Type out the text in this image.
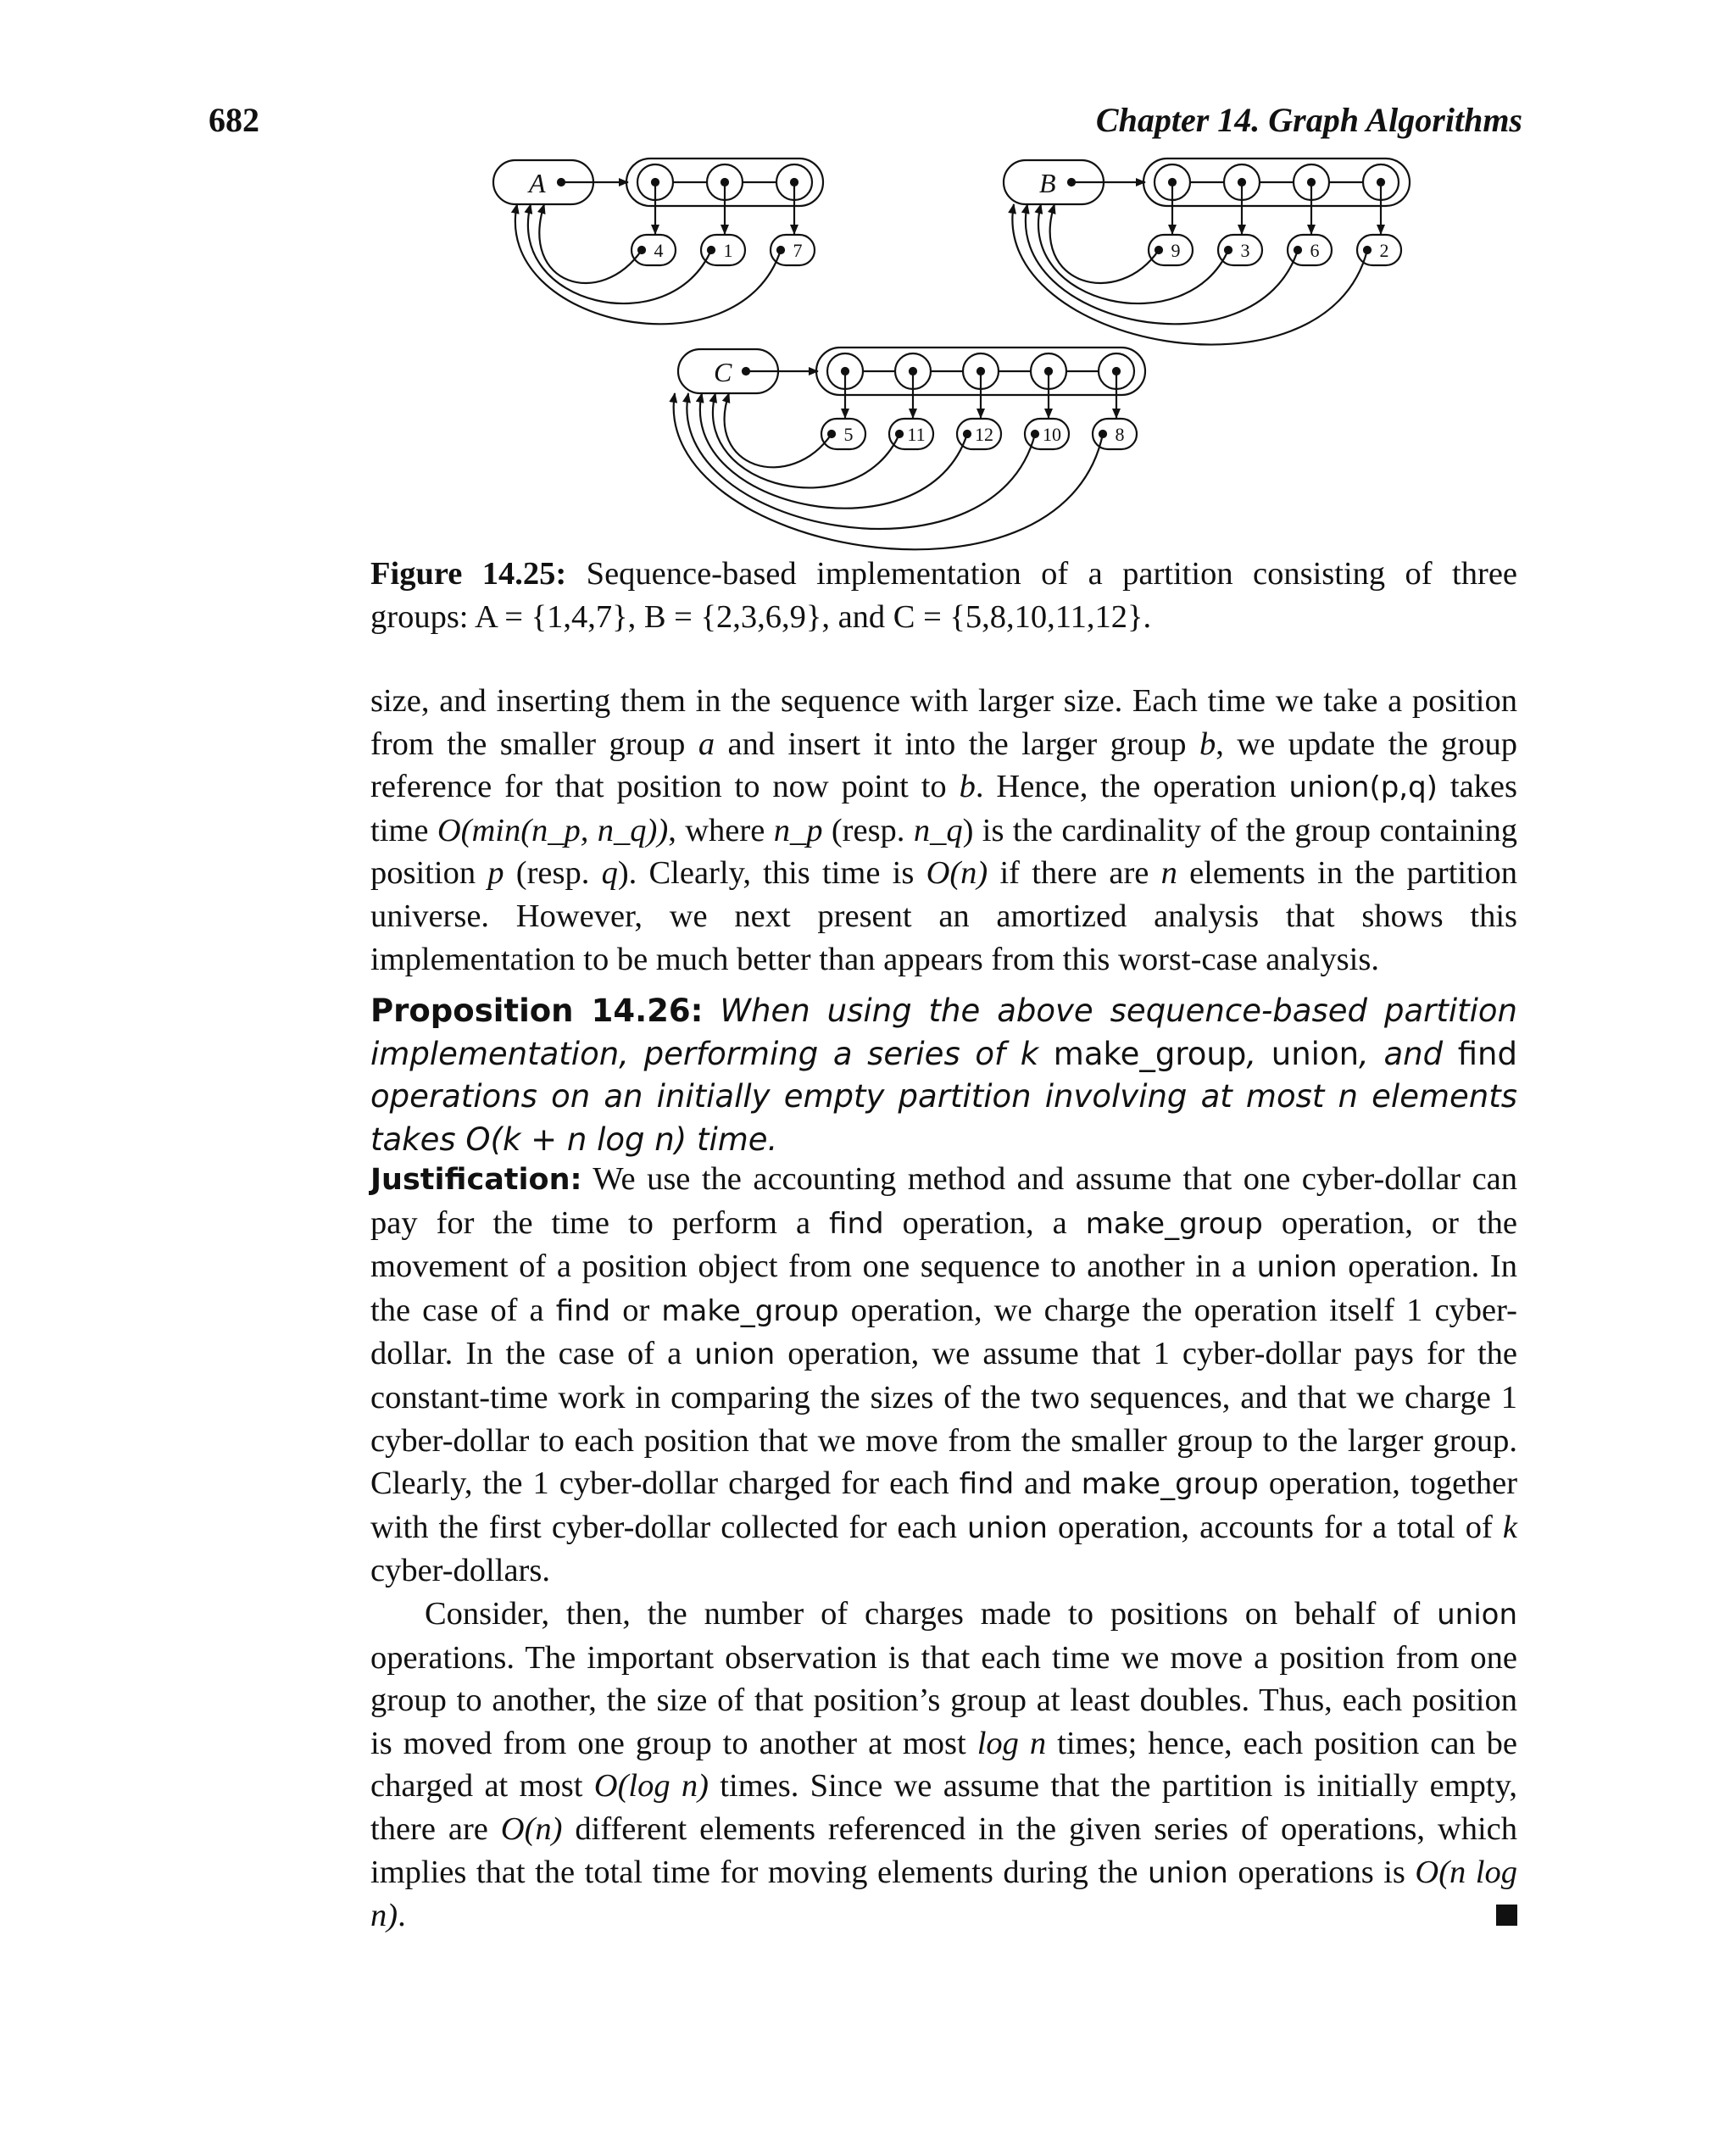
682	Chapter 14. Graph Algorithms
A
4	1	7
B
9	3	6	2
C
5	11	12	10	8
Figure 14.25: Sequence-based implementation of a partition consisting of three groups: A = {1,4,7}, B = {2,3,6,9}, and C = {5,8,10,11,12}.

size, and inserting them in the sequence with larger size. Each time we take a position from the smaller group a and insert it into the larger group b, we update the group reference for that position to now point to b. Hence, the operation union(p,q) takes time O(min(n_p, n_q)), where n_p (resp. n_q) is the cardinality of the group containing position p (resp. q). Clearly, this time is O(n) if there are n elements in the partition universe. However, we next present an amortized analysis that shows this implementation to be much better than appears from this worst-case analysis.

Proposition 14.26: When using the above sequence-based partition implementation, performing a series of k make_group, union, and find operations on an initially empty partition involving at most n elements takes O(k + n log n) time.

Justification: We use the accounting method and assume that one cyber-dollar can pay for the time to perform a find operation, a make_group operation, or the movement of a position object from one sequence to another in a union operation. In the case of a find or make_group operation, we charge the operation itself 1 cyber-dollar. In the case of a union operation, we assume that 1 cyber-dollar pays for the constant-time work in comparing the sizes of the two sequences, and that we charge 1 cyber-dollar to each position that we move from the smaller group to the larger group. Clearly, the 1 cyber-dollar charged for each find and make_group operation, together with the first cyber-dollar collected for each union operation, accounts for a total of k cyber-dollars.

Consider, then, the number of charges made to positions on behalf of union operations. The important observation is that each time we move a position from one group to another, the size of that position’s group at least doubles. Thus, each position is moved from one group to another at most log n times; hence, each position can be charged at most O(log n) times. Since we assume that the partition is initially empty, there are O(n) different elements referenced in the given series of operations, which implies that the total time for moving elements during the union operations is O(n log n).
